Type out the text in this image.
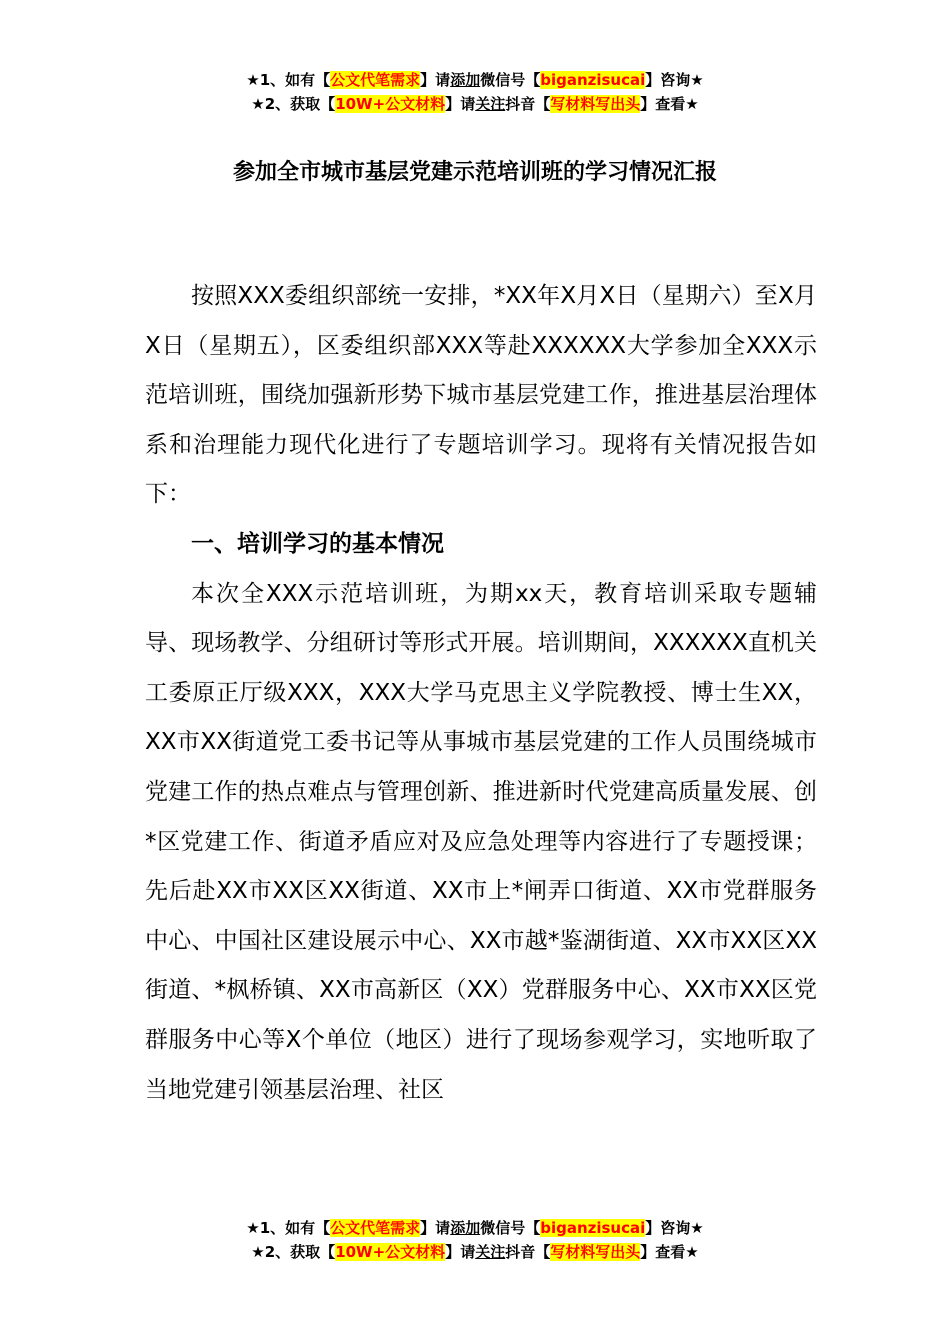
★1、如有【公文代笔需求】请添加微信号【biganzisucai】咨询★
★2、获取【10W+公文材料】请关注抖音【写材料写出头】查看★
参加全市城市基层党建示范培训班的学习情况汇报

按照XXX委组织部统一安排，*XX年X月X日（星期六）至X月X日（星期五），区委组织部XXX等赴XXXXXX大学参加全XXX示范培训班，围绕加强新形势下城市基层党建工作，推进基层治理体系和治理能力现代化进行了专题培训学习。现将有关情况报告如下：

一、培训学习的基本情况

本次全XXX示范培训班，为期xx天，教育培训采取专题辅导、现场教学、分组研讨等形式开展。培训期间，XXXXXX直机关工委原正厅级XXX，XXX大学马克思主义学院教授、博士生XX，XX市XX街道党工委书记等从事城市基层党建的工作人员围绕城市党建工作的热点难点与管理创新、推进新时代党建高质量发展、创*区党建工作、街道矛盾应对及应急处理等内容进行了专题授课；先后赴XX市XX区XX街道、XX市上*闸弄口街道、XX市党群服务中心、中国社区建设展示中心、XX市越*鉴湖街道、XX市XX区XX街道、*枫桥镇、XX市高新区（XX）党群服务中心、XX市XX区党群服务中心等X个单位（地区）进行了现场参观学习，实地听取了当地党建引领基层治理、社区

★1、如有【公文代笔需求】请添加微信号【biganzisucai】咨询★
★2、获取【10W+公文材料】请关注抖音【写材料写出头】查看★
